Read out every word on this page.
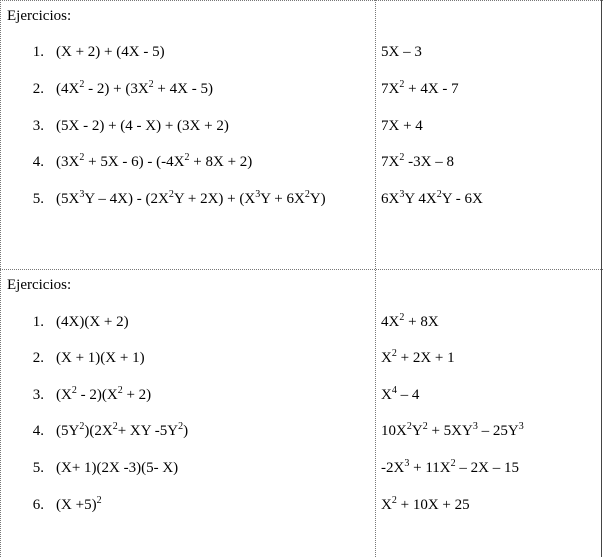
Ejercicios:
1. (X + 2) + (4X - 5)	5X – 3
2. $(4X^2 - 2) + (3X^2 + 4X - 5)$	$7X^2 + 4X - 7$
3. (5X - 2) + (4 - X) + (3X + 2)	7X + 4
4. $(3X^2 + 5X - 6) - (-4X^2 + 8X + 2)$	$7X^2$ -3X – 8
5. $(5X^3Y - 4X) - (2X^2Y + 2X) + (X^3Y + 6X^2Y)$	$6X^3Y$ $4X^2Y - 6X$
Ejercicios:
1. (4X)(X + 2)	$4X^2 + 8X$
2. (X + 1)(X + 1)	$X^2 + 2X + 1$
3. $(X^2 - 2)(X^2 + 2)$	$X^4 - 4$
4. $(5Y^2)(2X^2+$ XY $-5Y^2$)	$10X^2Y^2 + 5XY^3 - 25Y^3$
5. (X+ 1)(2X -3)(5- X)	$-2X^3 + 11X^2 - 2X - 15$
6. $(X +5)^2$	$X^2 + 10X + 25$
